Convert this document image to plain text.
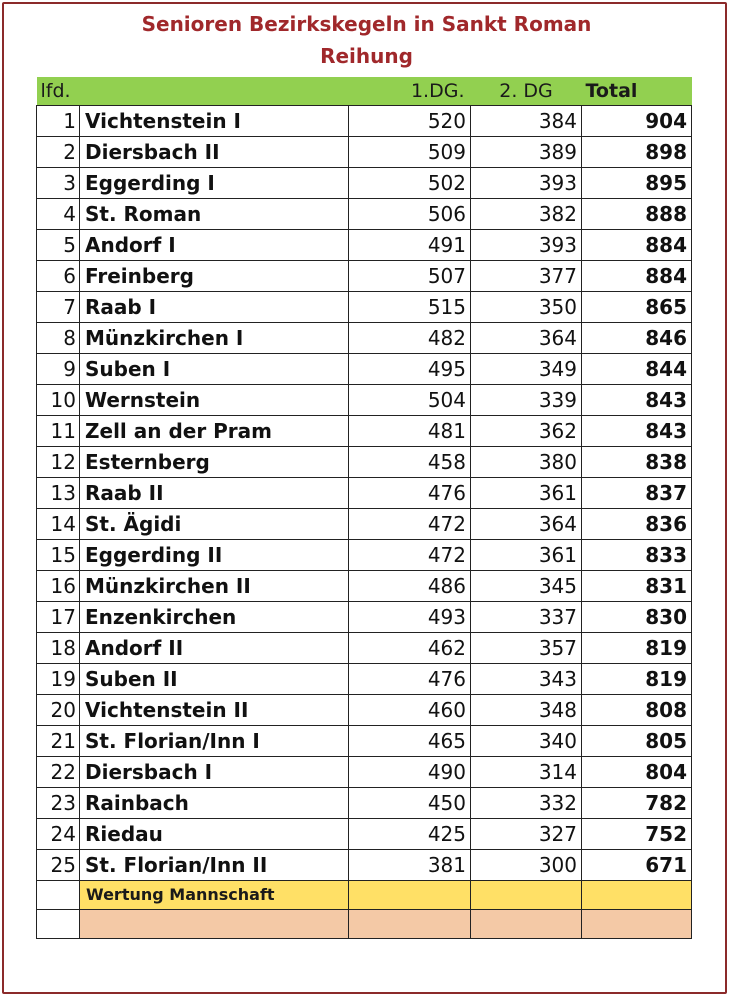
Senioren Bezirkskegeln in Sankt Roman
Reihung
lfd.		1.DG.	2. DG	Total
1	Vichtenstein I	520	384	904
2	Diersbach II	509	389	898
3	Eggerding I	502	393	895
4	St. Roman	506	382	888
5	Andorf I	491	393	884
6	Freinberg	507	377	884
7	Raab I	515	350	865
8	Münzkirchen I	482	364	846
9	Suben I	495	349	844
10	Wernstein	504	339	843
11	Zell an der Pram	481	362	843
12	Esternberg	458	380	838
13	Raab II	476	361	837
14	St. Ägidi	472	364	836
15	Eggerding II	472	361	833
16	Münzkirchen II	486	345	831
17	Enzenkirchen	493	337	830
18	Andorf II	462	357	819
19	Suben II	476	343	819
20	Vichtenstein II	460	348	808
21	St. Florian/Inn I	465	340	805
22	Diersbach I	490	314	804
23	Rainbach	450	332	782
24	Riedau	425	327	752
25	St. Florian/Inn II	381	300	671
	Wertung Mannschaft			
